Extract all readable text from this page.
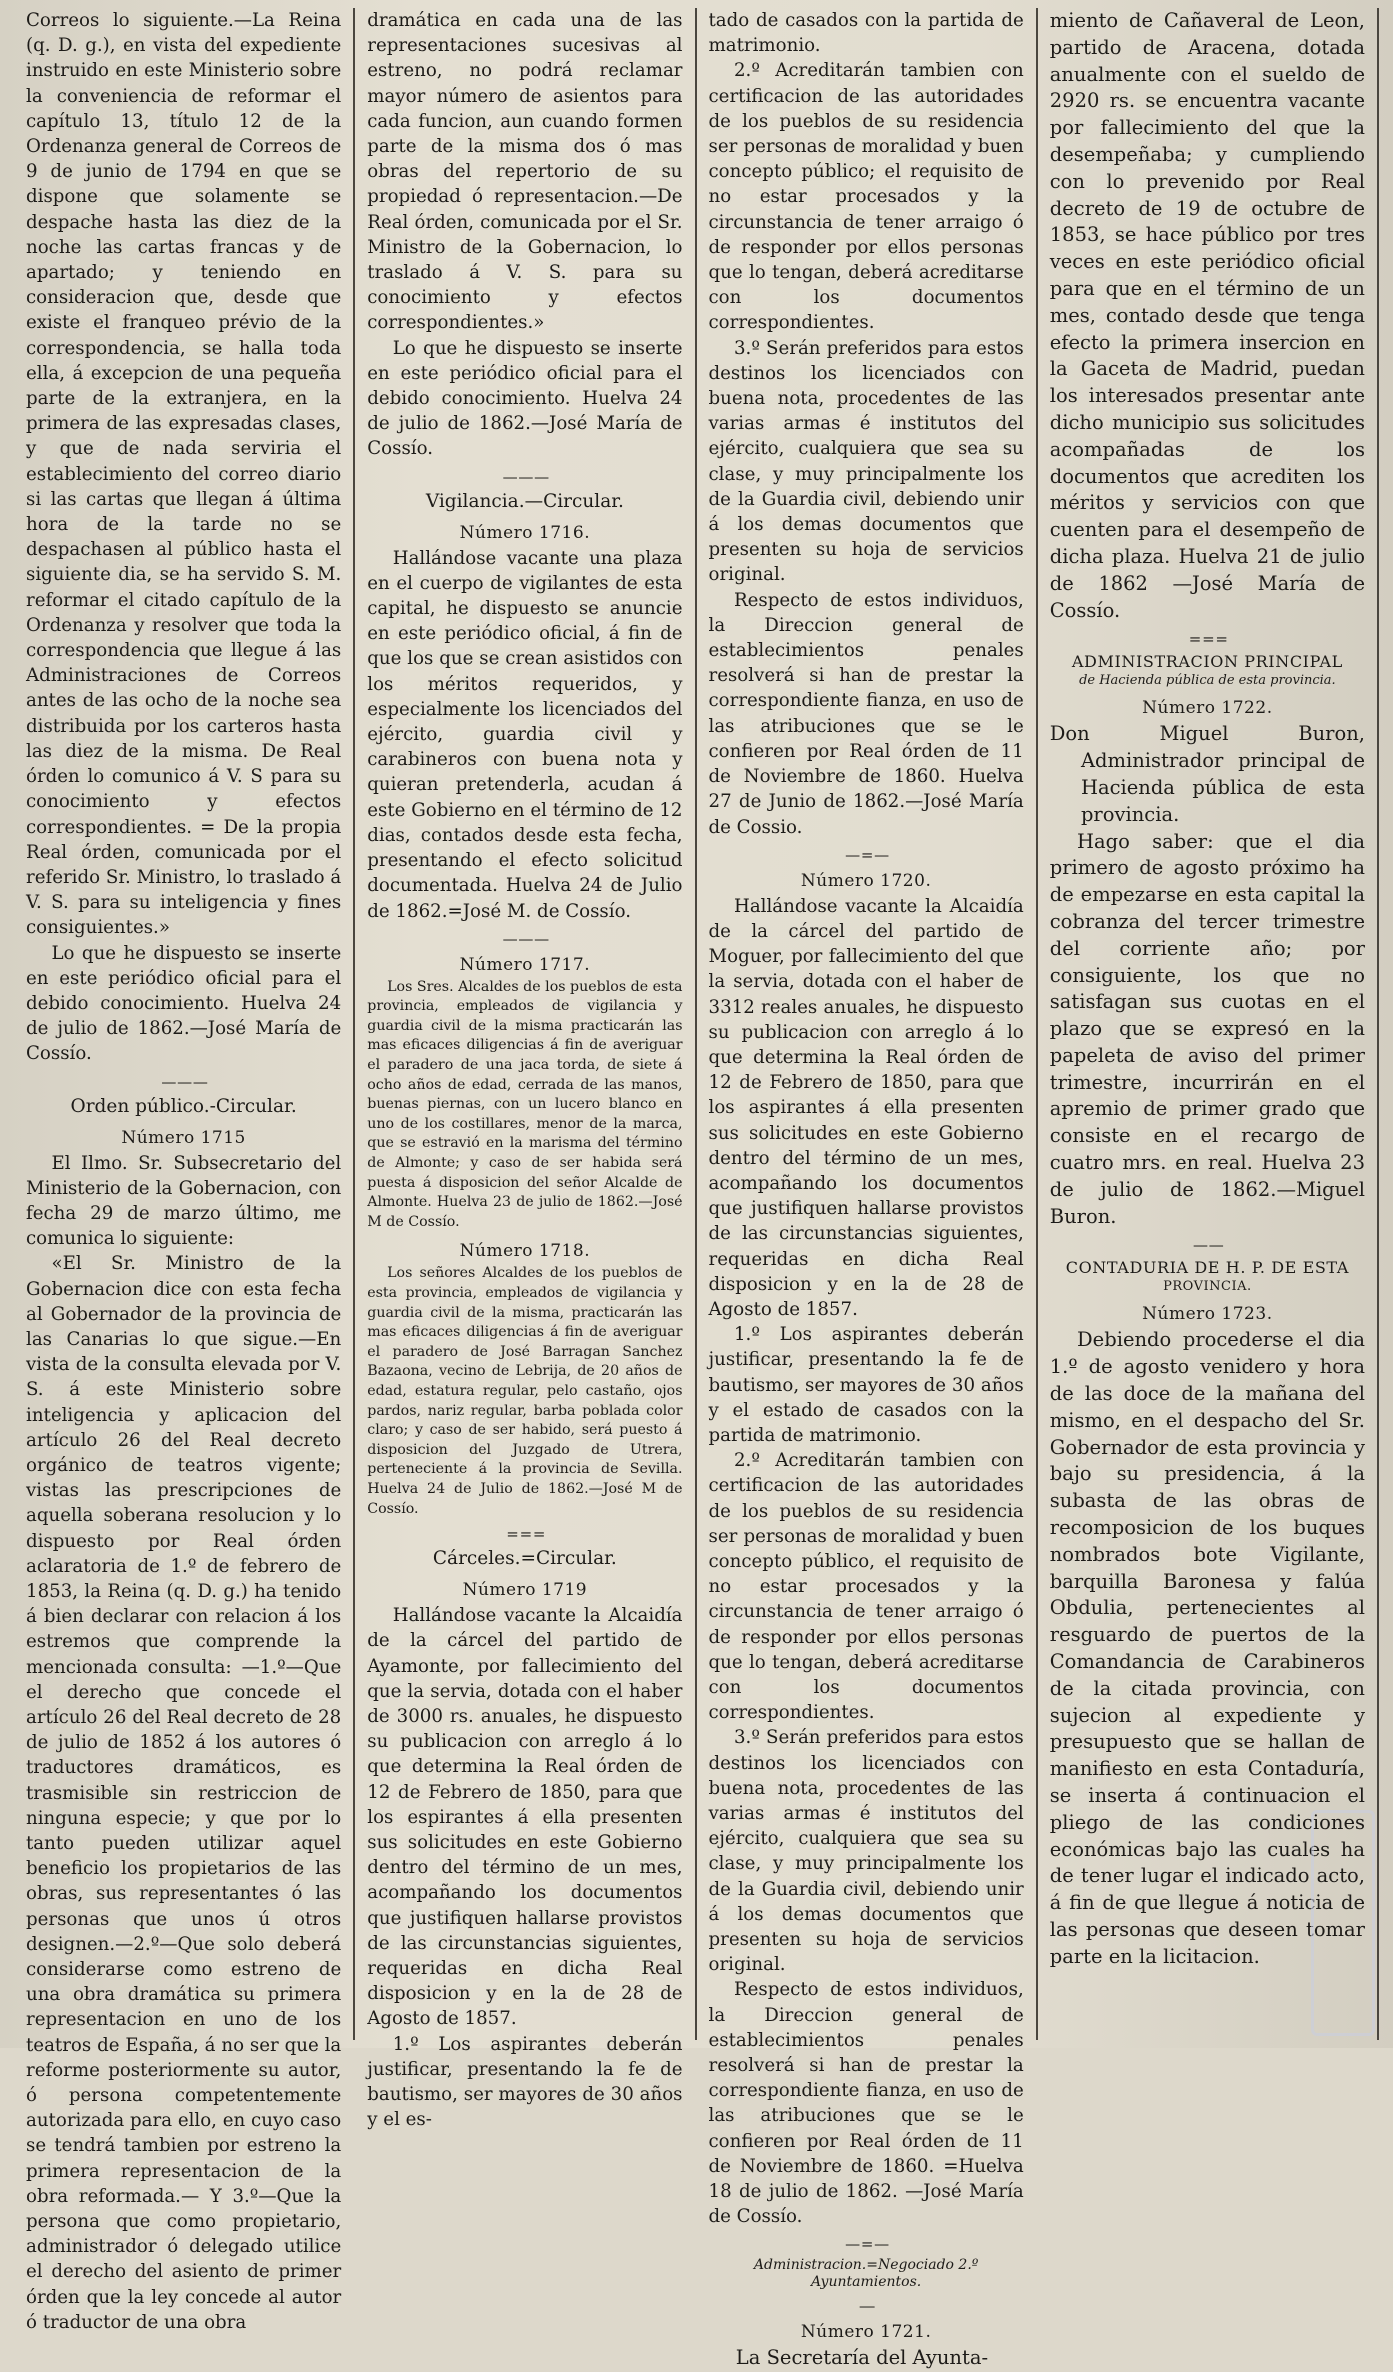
Correos lo siguiente.—La Reina (q. D. g.), en vista del expediente instruido en este Ministerio sobre la conveniencia de reformar el capítulo 13, título 12 de la Ordenanza general de Correos de 9 de junio de 1794 en que se dispone que solamente se despache hasta las diez de la noche las cartas francas y de apartado; y teniendo en consideracion que, desde que existe el franqueo prévio de la correspondencia, se halla toda ella, á excepcion de una pequeña parte de la extranjera, en la primera de las expresadas clases, y que de nada serviria el establecimiento del correo diario si las cartas que llegan á última hora de la tarde no se despachasen al público hasta el siguiente dia, se ha servido S. M. reformar el citado capítulo de la Ordenanza y resolver que toda la correspondencia que llegue á las Administraciones de Correos antes de las ocho de la noche sea distribuida por los carteros hasta las diez de la misma. De Real órden lo comunico á V. S para su conocimiento y efectos correspondientes. = De la propia Real órden, comunicada por el referido Sr. Ministro, lo traslado á V. S. para su inteligencia y fines consiguientes.»

Lo que he dispuesto se inserte en este periódico oficial para el debido conocimiento. Huelva 24 de julio de 1862.—José María de Cossío.

— — —
Orden público.-Circular.
Número 1715

El Ilmo. Sr. Subsecretario del Ministerio de la Gobernacion, con fecha 29 de marzo último, me comunica lo siguiente:

«El Sr. Ministro de la Gobernacion dice con esta fecha al Gobernador de la provincia de las Canarias lo que sigue.—En vista de la consulta elevada por V. S. á este Ministerio sobre inteligencia y aplicacion del artículo 26 del Real decreto orgánico de teatros vigente; vistas las prescripciones de aquella soberana resolucion y lo dispuesto por Real órden aclaratoria de 1.º de febrero de 1853, la Reina (q. D. g.) ha tenido á bien declarar con relacion á los estremos que comprende la mencionada consulta: —1.º—Que el derecho que concede el artículo 26 del Real decreto de 28 de julio de 1852 á los autores ó traductores dramáticos, es trasmisible sin restriccion de ninguna especie; y que por lo tanto pueden utilizar aquel beneficio los propietarios de las obras, sus representantes ó las personas que unos ú otros designen.—2.º—Que solo deberá considerarse como estreno de una obra dramática su primera representacion en uno de los teatros de España, á no ser que la reforme posteriormente su autor, ó persona competentemente autorizada para ello, en cuyo caso se tendrá tambien por estreno la primera representacion de la obra reformada.— Y 3.º—Que la persona que como propietario, administrador ó delegado utilice el derecho del asiento de primer órden que la ley concede al autor ó traductor de una obra

dramática en cada una de las representaciones sucesivas al estreno, no podrá reclamar mayor número de asientos para cada funcion, aun cuando formen parte de la misma dos ó mas obras del repertorio de su propiedad ó representacion.—De Real órden, comunicada por el Sr. Ministro de la Gobernacion, lo traslado á V. S. para su conocimiento y efectos correspondientes.»

Lo que he dispuesto se inserte en este periódico oficial para el debido conocimiento. Huelva 24 de julio de 1862.—José María de Cossío.

— — —
Vigilancia.—Circular.
Número 1716.

Hallándose vacante una plaza en el cuerpo de vigilantes de esta capital, he dispuesto se anuncie en este periódico oficial, á fin de que los que se crean asistidos con los méritos requeridos, y especialmente los licenciados del ejército, guardia civil y carabineros con buena nota y quieran pretenderla, acudan á este Gobierno en el término de 12 dias, contados desde esta fecha, presentando el efecto solicitud documentada. Huelva 24 de Julio de 1862.=José M. de Cossío.

— — —
Número 1717.

Los Sres. Alcaldes de los pueblos de esta provincia, empleados de vigilancia y guardia civil de la misma practicarán las mas eficaces diligencias á fin de averiguar el paradero de una jaca torda, de siete á ocho años de edad, cerrada de las manos, buenas piernas, con un lucero blanco en uno de los costillares, menor de la marca, que se estravió en la marisma del término de Almonte; y caso de ser habida será puesta á disposicion del señor Alcalde de Almonte. Huelva 23 de julio de 1862.—José M de Cossío.

Número 1718.

Los señores Alcaldes de los pueblos de esta provincia, empleados de vigilancia y guardia civil de la misma, practicarán las mas eficaces diligencias á fin de averiguar el paradero de José Barragan Sanchez Bazaona, vecino de Lebrija, de 20 años de edad, estatura regular, pelo castaño, ojos pardos, nariz regular, barba poblada color claro; y caso de ser habido, será puesto á disposicion del Juzgado de Utrera, perteneciente á la provincia de Sevilla. Huelva 24 de Julio de 1862.—José M de Cossío.

= = =
Cárceles.=Circular.
Número 1719

Hallándose vacante la Alcaidía de la cárcel del partido de Ayamonte, por fallecimiento del que la servia, dotada con el haber de 3000 rs. anuales, he dispuesto su publicacion con arreglo á lo que determina la Real órden de 12 de Febrero de 1850, para que los espirantes á ella presenten sus solicitudes en este Gobierno dentro del término de un mes, acompañando los documentos que justifiquen hallarse provistos de las circunstancias siguientes, requeridas en dicha Real disposicion y en la de 28 de Agosto de 1857.

1.º Los aspirantes deberán justificar, presentando la fe de bautismo, ser mayores de 30 años y el es-

tado de casados con la partida de matrimonio.

2.º Acreditarán tambien con certificacion de las autoridades de los pueblos de su residencia ser personas de moralidad y buen concepto público; el requisito de no estar procesados y la circunstancia de tener arraigo ó de responder por ellos personas que lo tengan, deberá acreditarse con los documentos correspondientes.

3.º Serán preferidos para estos destinos los licenciados con buena nota, procedentes de las varias armas é institutos del ejército, cualquiera que sea su clase, y muy principalmente los de la Guardia civil, debiendo unir á los demas documentos que presenten su hoja de servicios original.

Respecto de estos individuos, la Direccion general de establecimientos penales resolverá si han de prestar la correspondiente fianza, en uso de las atribuciones que se le confieren por Real órden de 11 de Noviembre de 1860. Huelva 27 de Junio de 1862.—José María de Cossio.

— = —
Número 1720.

Hallándose vacante la Alcaidía de la cárcel del partido de Moguer, por fallecimiento del que la servia, dotada con el haber de 3312 reales anuales, he dispuesto su publicacion con arreglo á lo que determina la Real órden de 12 de Febrero de 1850, para que los aspirantes á ella presenten sus solicitudes en este Gobierno dentro del término de un mes, acompañando los documentos que justifiquen hallarse provistos de las circunstancias siguientes, requeridas en dicha Real disposicion y en la de 28 de Agosto de 1857.

1.º Los aspirantes deberán justificar, presentando la fe de bautismo, ser mayores de 30 años y el estado de casados con la partida de matrimonio.

2.º Acreditarán tambien con certificacion de las autoridades de los pueblos de su residencia ser personas de moralidad y buen concepto público, el requisito de no estar procesados y la circunstancia de tener arraigo ó de responder por ellos personas que lo tengan, deberá acreditarse con los documentos correspondientes.

3.º Serán preferidos para estos destinos los licenciados con buena nota, procedentes de las varias armas é institutos del ejército, cualquiera que sea su clase, y muy principalmente los de la Guardia civil, debiendo unir á los demas documentos que presenten su hoja de servicios original.

Respecto de estos individuos, la Direccion general de establecimientos penales resolverá si han de prestar la correspondiente fianza, en uso de las atribuciones que se le confieren por Real órden de 11 de Noviembre de 1860. =Huelva 18 de julio de 1862. —José María de Cossío.

— = —
Administracion.=Negociado 2.º Ayuntamientos.
―
Número 1721.

La Secretaría del Ayunta-

miento de Cañaveral de Leon, partido de Aracena, dotada anualmente con el sueldo de 2920 rs. se encuentra vacante por fallecimiento del que la desempeñaba; y cumpliendo con lo prevenido por Real decreto de 19 de octubre de 1853, se hace público por tres veces en este periódico oficial para que en el término de un mes, contado desde que tenga efecto la primera insercion en la Gaceta de Madrid, puedan los interesados presentar ante dicho municipio sus solicitudes acompañadas de los documentos que acrediten los méritos y servicios con que cuenten para el desempeño de dicha plaza. Huelva 21 de julio de 1862 —José María de Cossío.

= = =
ADMINISTRACION PRINCIPAL
de Hacienda pública de esta provincia.
Número 1722.

Don Miguel Buron, Administrador principal de Hacienda pública de esta provincia.

Hago saber: que el dia primero de agosto próximo ha de empezarse en esta capital la cobranza del tercer trimestre del corriente año; por consiguiente, los que no satisfagan sus cuotas en el plazo que se expresó en la papeleta de aviso del primer trimestre, incurrirán en el apremio de primer grado que consiste en el recargo de cuatro mrs. en real. Huelva 23 de julio de 1862.—Miguel Buron.

— —
CONTADURIA DE H. P. DE ESTA
PROVINCIA.
Número 1723.

Debiendo procederse el dia 1.º de agosto venidero y hora de las doce de la mañana del mismo, en el despacho del Sr. Gobernador de esta provincia y bajo su presidencia, á la subasta de las obras de recomposicion de los buques nombrados bote Vigilante, barquilla Baronesa y falúa Obdulia, pertenecientes al resguardo de puertos de la Comandancia de Carabineros de la citada provincia, con sujecion al expediente y presupuesto que se hallan de manifiesto en esta Contaduría, se inserta á continuacion el pliego de las condiciones económicas bajo las cuales ha de tener lugar el indicado acto, á fin de que llegue á noticia de las personas que deseen tomar parte en la licitacion.
